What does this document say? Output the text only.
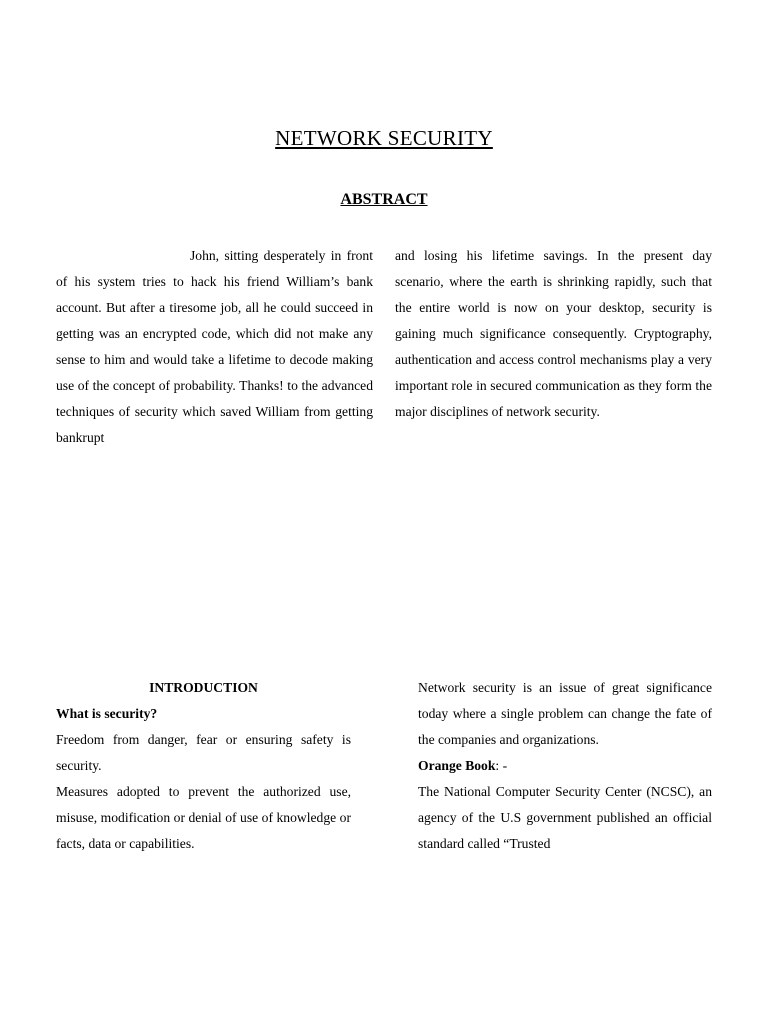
NETWORK SECURITY
ABSTRACT

John, sitting desperately in front of his system tries to hack his friend William’s bank account. But after a tiresome job, all he could succeed in getting was an encrypted code, which did not make any sense to him and would take a lifetime to decode making use of the concept of probability. Thanks! to the advanced techniques of security which saved William from getting bankrupt

and losing his lifetime savings. In the present day scenario, where the earth is shrinking rapidly, such that the entire world is now on your desktop, security is gaining much significance consequently. Cryptography, authentication and access control mechanisms play a very important role in secured communication as they form the major disciplines of network security.

INTRODUCTION

What is security?

Freedom from danger, fear or ensuring safety is security.

Measures adopted to prevent the authorized use, misuse, modification or denial of use of knowledge or facts, data or capabilities.

Network security is an issue of great significance today where a single problem can change the fate of the companies and organizations.

Orange Book: -

The National Computer Security Center (NCSC), an agency of the U.S government published an official standard called “Trusted
